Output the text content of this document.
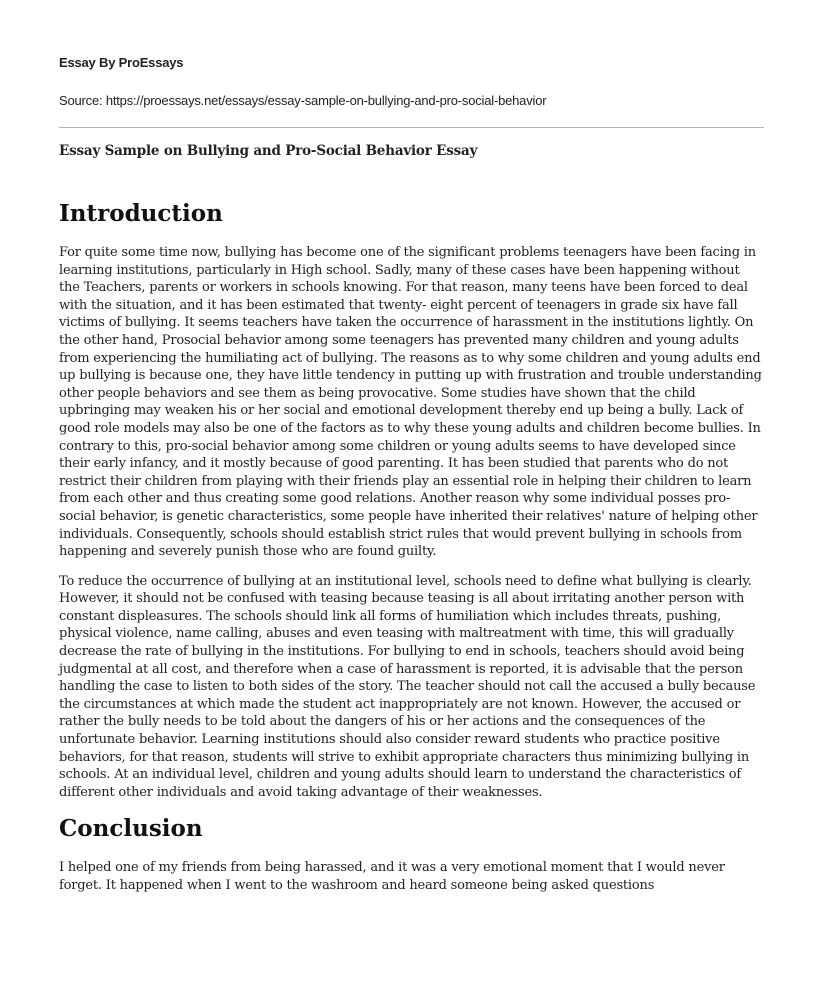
Essay By ProEssays

Source: https://proessays.net/essays/essay-sample-on-bullying-and-pro-social-behavior

Essay Sample on Bullying and Pro-Social Behavior Essay

Introduction

For quite some time now, bullying has become one of the significant problems teenagers have been facing in learning institutions, particularly in High school. Sadly, many of these cases have been happening without the Teachers, parents or workers in schools knowing. For that reason, many teens have been forced to deal with the situation, and it has been estimated that twenty- eight percent of teenagers in grade six have fall victims of bullying. It seems teachers have taken the occurrence of harassment in the institutions lightly. On the other hand, Prosocial behavior among some teenagers has prevented many children and young adults from experiencing the humiliating act of bullying. The reasons as to why some children and young adults end up bullying is because one, they have little tendency in putting up with frustration and trouble understanding other people behaviors and see them as being provocative. Some studies have shown that the child upbringing may weaken his or her social and emotional development thereby end up being a bully. Lack of good role models may also be one of the factors as to why these young adults and children become bullies. In contrary to this, pro-social behavior among some children or young adults seems to have developed since their early infancy, and it mostly because of good parenting. It has been studied that parents who do not restrict their children from playing with their friends play an essential role in helping their children to learn from each other and thus creating some good relations. Another reason why some individual posses pro-social behavior, is genetic characteristics, some people have inherited their relatives' nature of helping other individuals. Consequently, schools should establish strict rules that would prevent bullying in schools from happening and severely punish those who are found guilty.

To reduce the occurrence of bullying at an institutional level, schools need to define what bullying is clearly. However, it should not be confused with teasing because teasing is all about irritating another person with constant displeasures. The schools should link all forms of humiliation which includes threats, pushing, physical violence, name calling, abuses and even teasing with maltreatment with time, this will gradually decrease the rate of bullying in the institutions. For bullying to end in schools, teachers should avoid being judgmental at all cost, and therefore when a case of harassment is reported, it is advisable that the person handling the case to listen to both sides of the story. The teacher should not call the accused a bully because the circumstances at which made the student act inappropriately are not known. However, the accused or rather the bully needs to be told about the dangers of his or her actions and the consequences of the unfortunate behavior. Learning institutions should also consider reward students who practice positive behaviors, for that reason, students will strive to exhibit appropriate characters thus minimizing bullying in schools. At an individual level, children and young adults should learn to understand the characteristics of different other individuals and avoid taking advantage of their weaknesses.

Conclusion

I helped one of my friends from being harassed, and it was a very emotional moment that I would never forget. It happened when I went to the washroom and heard someone being asked questions
